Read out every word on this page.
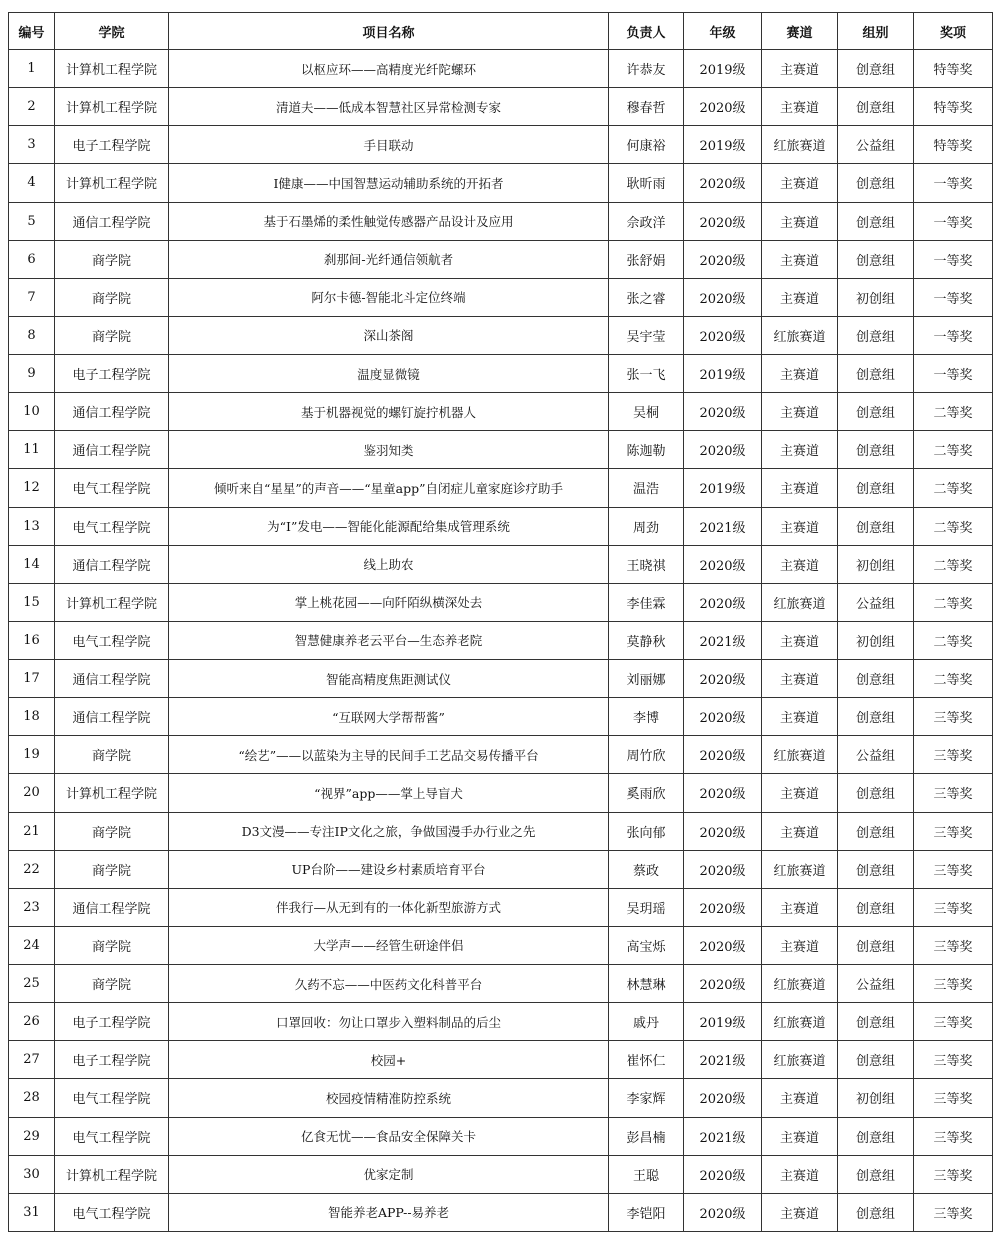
编号	学院	项目名称	负责人	年级	赛道	组别	奖项
1	计算机工程学院	以枢应环——高精度光纤陀螺环	许恭友	2019级	主赛道	创意组	特等奖
2	计算机工程学院	清道夫——低成本智慧社区异常检测专家	穆春哲	2020级	主赛道	创意组	特等奖
3	电子工程学院	手目联动	何康裕	2019级	红旅赛道	公益组	特等奖
4	计算机工程学院	I健康——中国智慧运动辅助系统的开拓者	耿昕雨	2020级	主赛道	创意组	一等奖
5	通信工程学院	基于石墨烯的柔性触觉传感器产品设计及应用	佘政洋	2020级	主赛道	创意组	一等奖
6	商学院	刹那间-光纤通信领航者	张舒娟	2020级	主赛道	创意组	一等奖
7	商学院	阿尔卡德-智能北斗定位终端	张之睿	2020级	主赛道	初创组	一等奖
8	商学院	深山茶阁	吴宇莹	2020级	红旅赛道	创意组	一等奖
9	电子工程学院	温度显微镜	张一飞	2019级	主赛道	创意组	一等奖
10	通信工程学院	基于机器视觉的螺钉旋拧机器人	吴桐	2020级	主赛道	创意组	二等奖
11	通信工程学院	鉴羽知类	陈迦勒	2020级	主赛道	创意组	二等奖
12	电气工程学院	倾听来自“星星”的声音——“星童app”自闭症儿童家庭诊疗助手	温浩	2019级	主赛道	创意组	二等奖
13	电气工程学院	为“I”发电——智能化能源配给集成管理系统	周劲	2021级	主赛道	创意组	二等奖
14	通信工程学院	线上助农	王晓祺	2020级	主赛道	初创组	二等奖
15	计算机工程学院	掌上桃花园——向阡陌纵横深处去	李佳霖	2020级	红旅赛道	公益组	二等奖
16	电气工程学院	智慧健康养老云平台—生态养老院	莫静秋	2021级	主赛道	初创组	二等奖
17	通信工程学院	智能高精度焦距测试仪	刘丽娜	2020级	主赛道	创意组	二等奖
18	通信工程学院	“互联网大学帮帮酱”	李博	2020级	主赛道	创意组	三等奖
19	商学院	“绘艺”——以蓝染为主导的民间手工艺品交易传播平台	周竹欣	2020级	红旅赛道	公益组	三等奖
20	计算机工程学院	“视界”app——掌上导盲犬	奚雨欣	2020级	主赛道	创意组	三等奖
21	商学院	D3文漫——专注IP文化之旅，争做国漫手办行业之先	张向郁	2020级	主赛道	创意组	三等奖
22	商学院	UP台阶——建设乡村素质培育平台	蔡政	2020级	红旅赛道	创意组	三等奖
23	通信工程学院	伴我行—从无到有的一体化新型旅游方式	吴玥瑶	2020级	主赛道	创意组	三等奖
24	商学院	大学声——经管生研途伴侣	高宝烁	2020级	主赛道	创意组	三等奖
25	商学院	久药不忘——中医药文化科普平台	林慧琳	2020级	红旅赛道	公益组	三等奖
26	电子工程学院	口罩回收：勿让口罩步入塑料制品的后尘	戚丹	2019级	红旅赛道	创意组	三等奖
27	电子工程学院	校园+	崔怀仁	2021级	红旅赛道	创意组	三等奖
28	电气工程学院	校园疫情精准防控系统	李家辉	2020级	主赛道	初创组	三等奖
29	电气工程学院	亿食无忧——食品安全保障关卡	彭昌楠	2021级	主赛道	创意组	三等奖
30	计算机工程学院	优家定制	王聪	2020级	主赛道	创意组	三等奖
31	电气工程学院	智能养老APP--易养老	李铠阳	2020级	主赛道	创意组	三等奖
